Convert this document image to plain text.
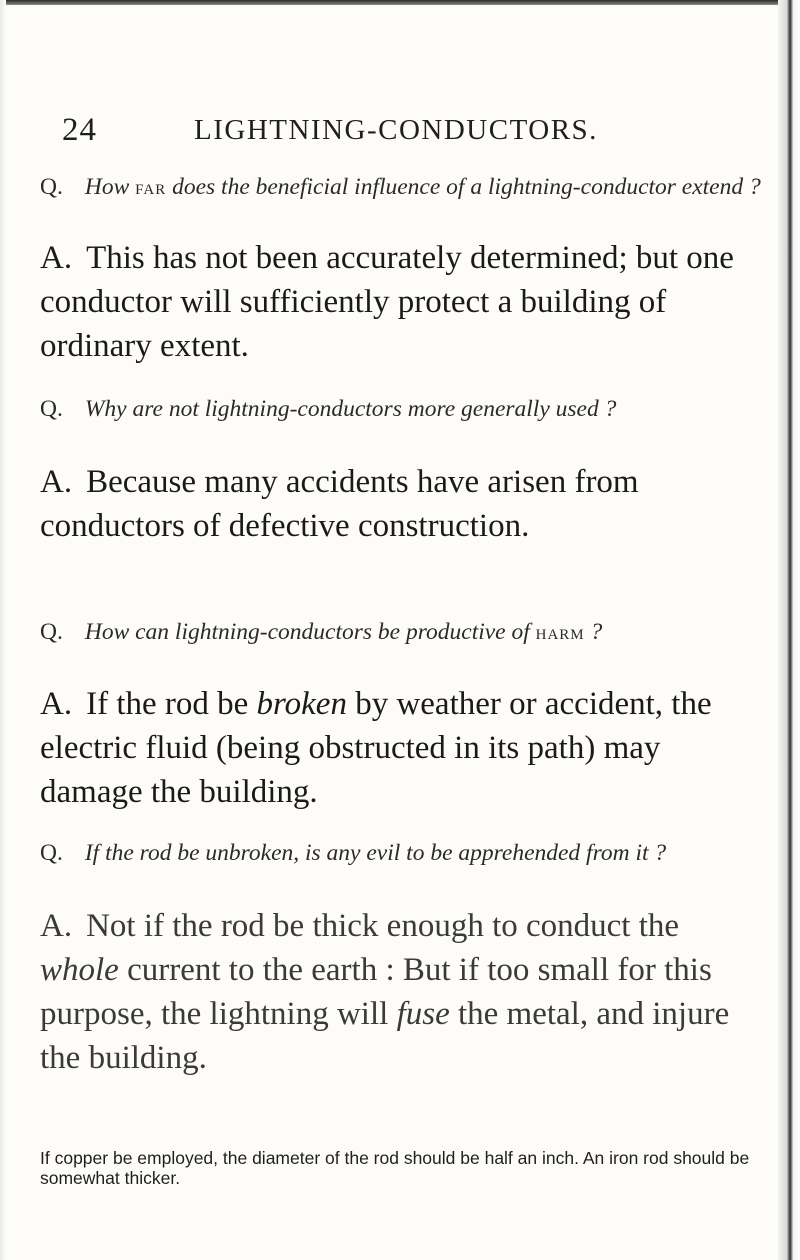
24	LIGHTNING-CONDUCTORS.
Q. How far does the beneficial influence of a lightning-conductor extend ?
A. This has not been accurately determined; but one conductor will sufficiently protect a building of ordinary extent.
Q. Why are not lightning-conductors more generally used ?
A. Because many accidents have arisen from conductors of defective construction.
Q. How can lightning-conductors be productive of harm ?
A. If the rod be broken by weather or accident, the electric fluid (being obstructed in its path) may damage the building.
Q. If the rod be unbroken, is any evil to be apprehended from it ?
A. Not if the rod be thick enough to conduct the whole current to the earth : But if too small for this purpose, the lightning will fuse the metal, and injure the building.
If copper be employed, the diameter of the rod should be half an inch. An iron rod should be somewhat thicker.
